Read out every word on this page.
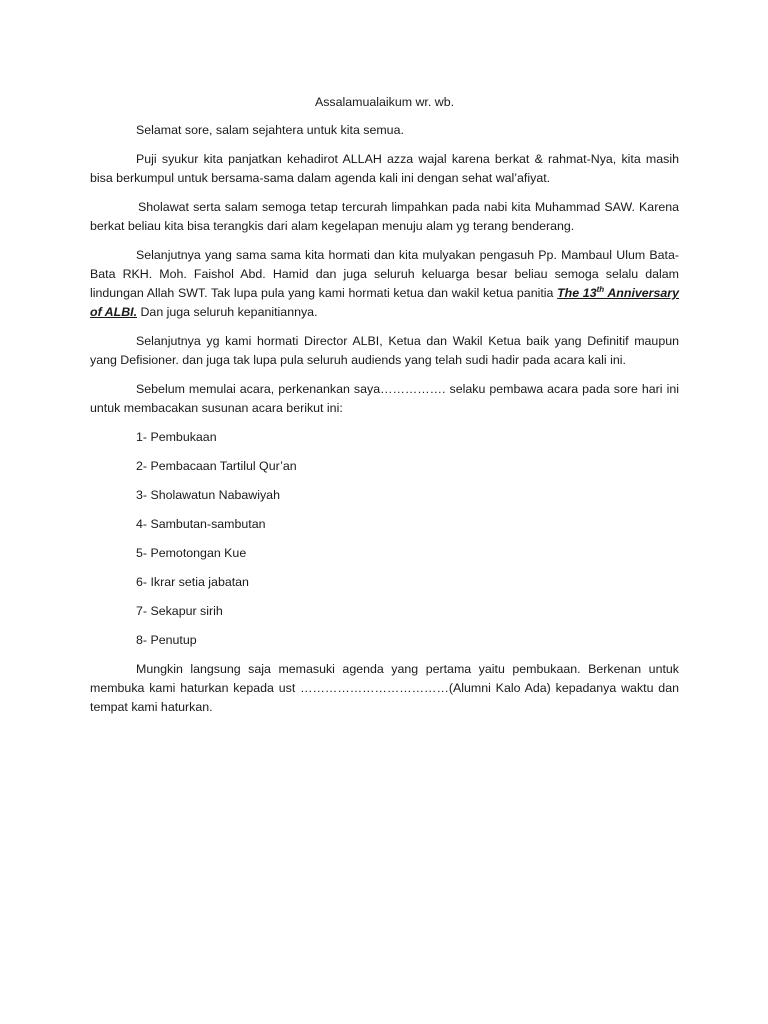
Assalamualaikum wr. wb.

Selamat sore, salam sejahtera untuk kita semua.

Puji syukur kita panjatkan kehadirot ALLAH azza wajal karena berkat & rahmat-Nya, kita masih bisa berkumpul untuk bersama-sama dalam agenda kali ini dengan sehat wal’afiyat.

Sholawat serta salam semoga tetap tercurah limpahkan pada nabi kita Muhammad SAW. Karena berkat beliau kita bisa terangkis dari alam kegelapan menuju alam yg terang benderang.

Selanjutnya yang sama sama kita hormati dan kita mulyakan pengasuh Pp. Mambaul Ulum Bata-Bata RKH. Moh. Faishol Abd. Hamid dan juga seluruh keluarga besar beliau semoga selalu dalam lindungan Allah SWT. Tak lupa pula yang kami hormati ketua dan wakil ketua panitia The 13th Anniversary of ALBI. Dan juga seluruh kepanitiannya.

Selanjutnya yg kami hormati Director ALBI, Ketua dan Wakil Ketua baik yang Definitif maupun yang Defisioner. dan juga tak lupa pula seluruh audiends yang telah sudi hadir pada acara kali ini.

Sebelum memulai acara, perkenankan saya……………. selaku pembawa acara pada sore hari ini untuk membacakan susunan acara berikut ini:

1- Pembukaan
2- Pembacaan Tartilul Qur’an
3- Sholawatun Nabawiyah
4- Sambutan-sambutan
5- Pemotongan Kue
6- Ikrar setia jabatan
7- Sekapur sirih
8- Penutup

Mungkin langsung saja memasuki agenda yang pertama yaitu pembukaan. Berkenan untuk membuka kami haturkan kepada ust ………………………………(Alumni Kalo Ada) kepadanya waktu dan tempat kami haturkan.
